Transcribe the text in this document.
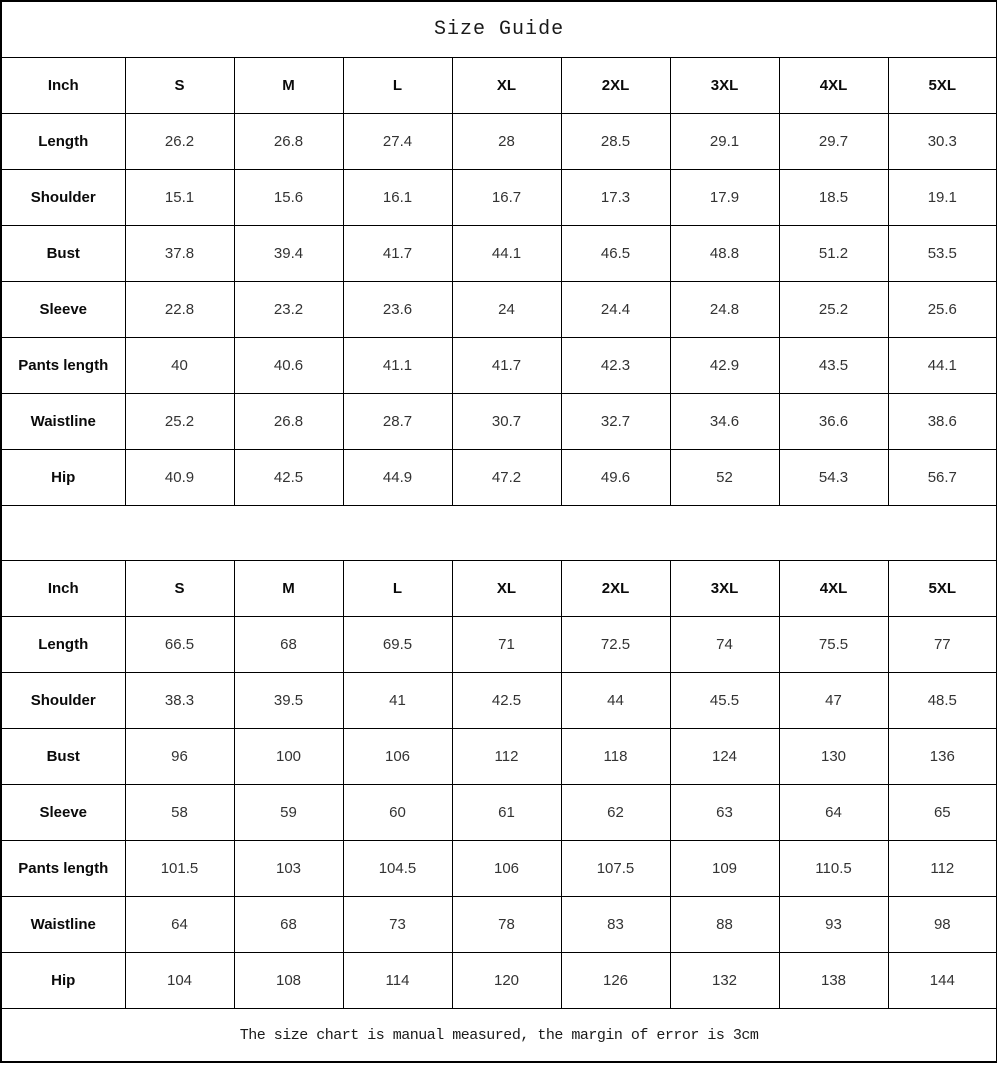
Size Guide								
Inch	S	M	L	XL	2XL	3XL	4XL	5XL
Length	26.2	26.8	27.4	28	28.5	29.1	29.7	30.3
Shoulder	15.1	15.6	16.1	16.7	17.3	17.9	18.5	19.1
Bust	37.8	39.4	41.7	44.1	46.5	48.8	51.2	53.5
Sleeve	22.8	23.2	23.6	24	24.4	24.8	25.2	25.6
Pants length	40	40.6	41.1	41.7	42.3	42.9	43.5	44.1
Waistline	25.2	26.8	28.7	30.7	32.7	34.6	36.6	38.6
Hip	40.9	42.5	44.9	47.2	49.6	52	54.3	56.7

Inch	S	M	L	XL	2XL	3XL	4XL	5XL
Length	66.5	68	69.5	71	72.5	74	75.5	77
Shoulder	38.3	39.5	41	42.5	44	45.5	47	48.5
Bust	96	100	106	112	118	124	130	136
Sleeve	58	59	60	61	62	63	64	65
Pants length	101.5	103	104.5	106	107.5	109	110.5	112
Waistline	64	68	73	78	83	88	93	98
Hip	104	108	114	120	126	132	138	144
The size chart is manual measured, the margin of error is 3cm								
